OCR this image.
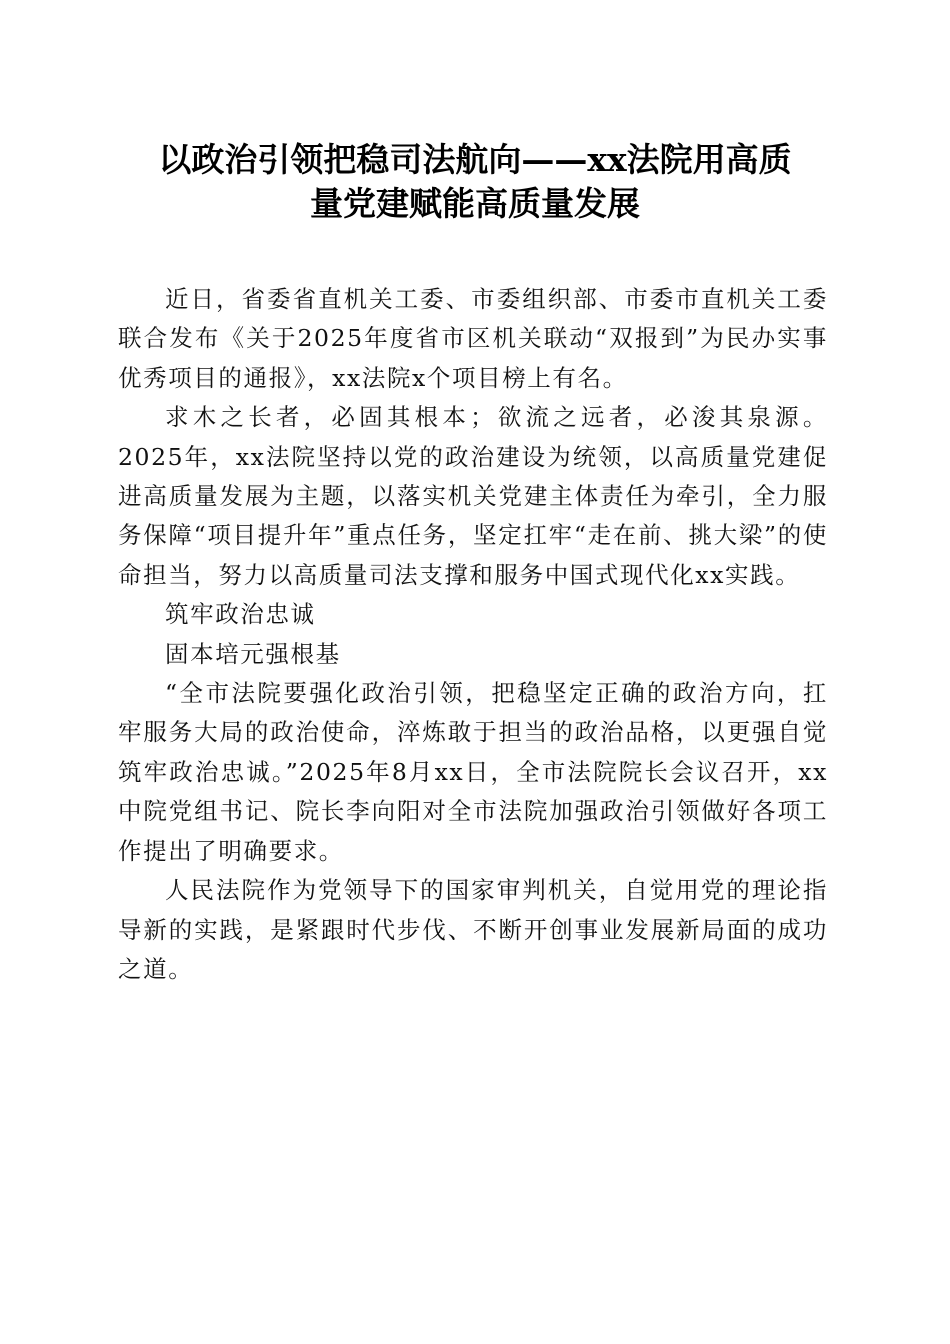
以政治引领把稳司法航向——xx法院用高质
量党建赋能高质量发展

近日，省委省直机关工委、市委组织部、市委市直机关工委联合发布《关于2025年度省市区机关联动“双报到”为民办实事优秀项目的通报》，xx法院x个项目榜上有名。

求木之长者，必固其根本；欲流之远者，必浚其泉源。2025年，xx法院坚持以党的政治建设为统领，以高质量党建促进高质量发展为主题，以落实机关党建主体责任为牵引，全力服务保障“项目提升年”重点任务，坚定扛牢“走在前、挑大梁”的使命担当，努力以高质量司法支撑和服务中国式现代化xx实践。

筑牢政治忠诚

固本培元强根基

“全市法院要强化政治引领，把稳坚定正确的政治方向，扛牢服务大局的政治使命，淬炼敢于担当的政治品格，以更强自觉筑牢政治忠诚。”2025年8月xx日，全市法院院长会议召开，xx中院党组书记、院长李向阳对全市法院加强政治引领做好各项工作提出了明确要求。

人民法院作为党领导下的国家审判机关，自觉用党的理论指导新的实践，是紧跟时代步伐、不断开创事业发展新局面的成功之道。
